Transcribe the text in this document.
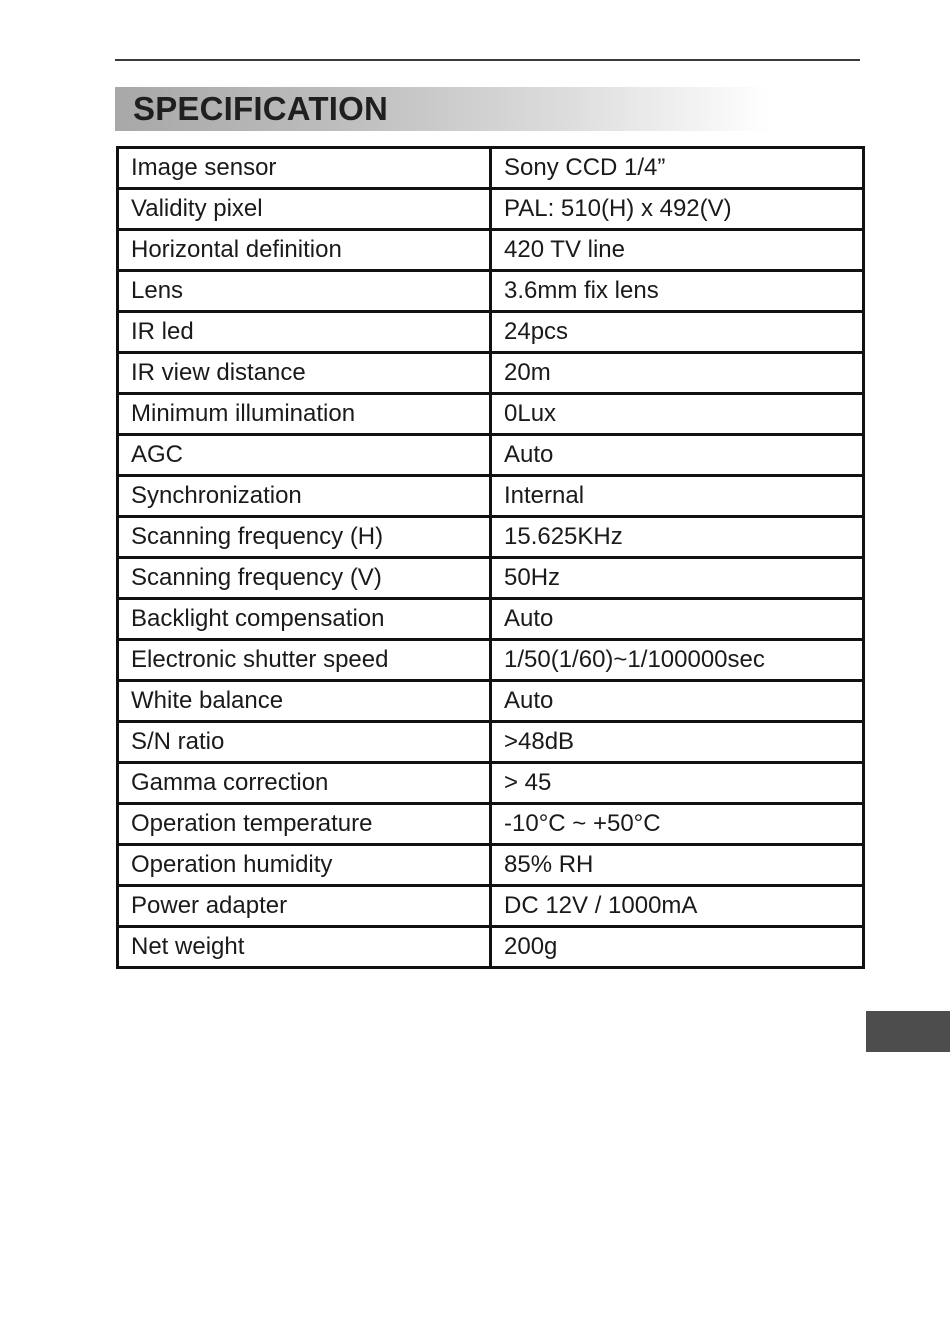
SPECIFICATION
Image sensor	Sony CCD 1/4”
Validity pixel	PAL: 510(H) x 492(V)
Horizontal definition	420 TV line
Lens	3.6mm fix lens
IR led	24pcs
IR view distance	20m
Minimum illumination	0Lux
AGC	Auto
Synchronization	Internal
Scanning frequency (H)	15.625KHz
Scanning frequency (V)	50Hz
Backlight compensation	Auto
Electronic shutter speed	1/50(1/60)~1/100000sec
White balance	Auto
S/N ratio	>48dB
Gamma correction	> 45
Operation temperature	-10°C ~ +50°C
Operation humidity	85% RH
Power adapter	DC 12V / 1000mA
Net weight	200g
